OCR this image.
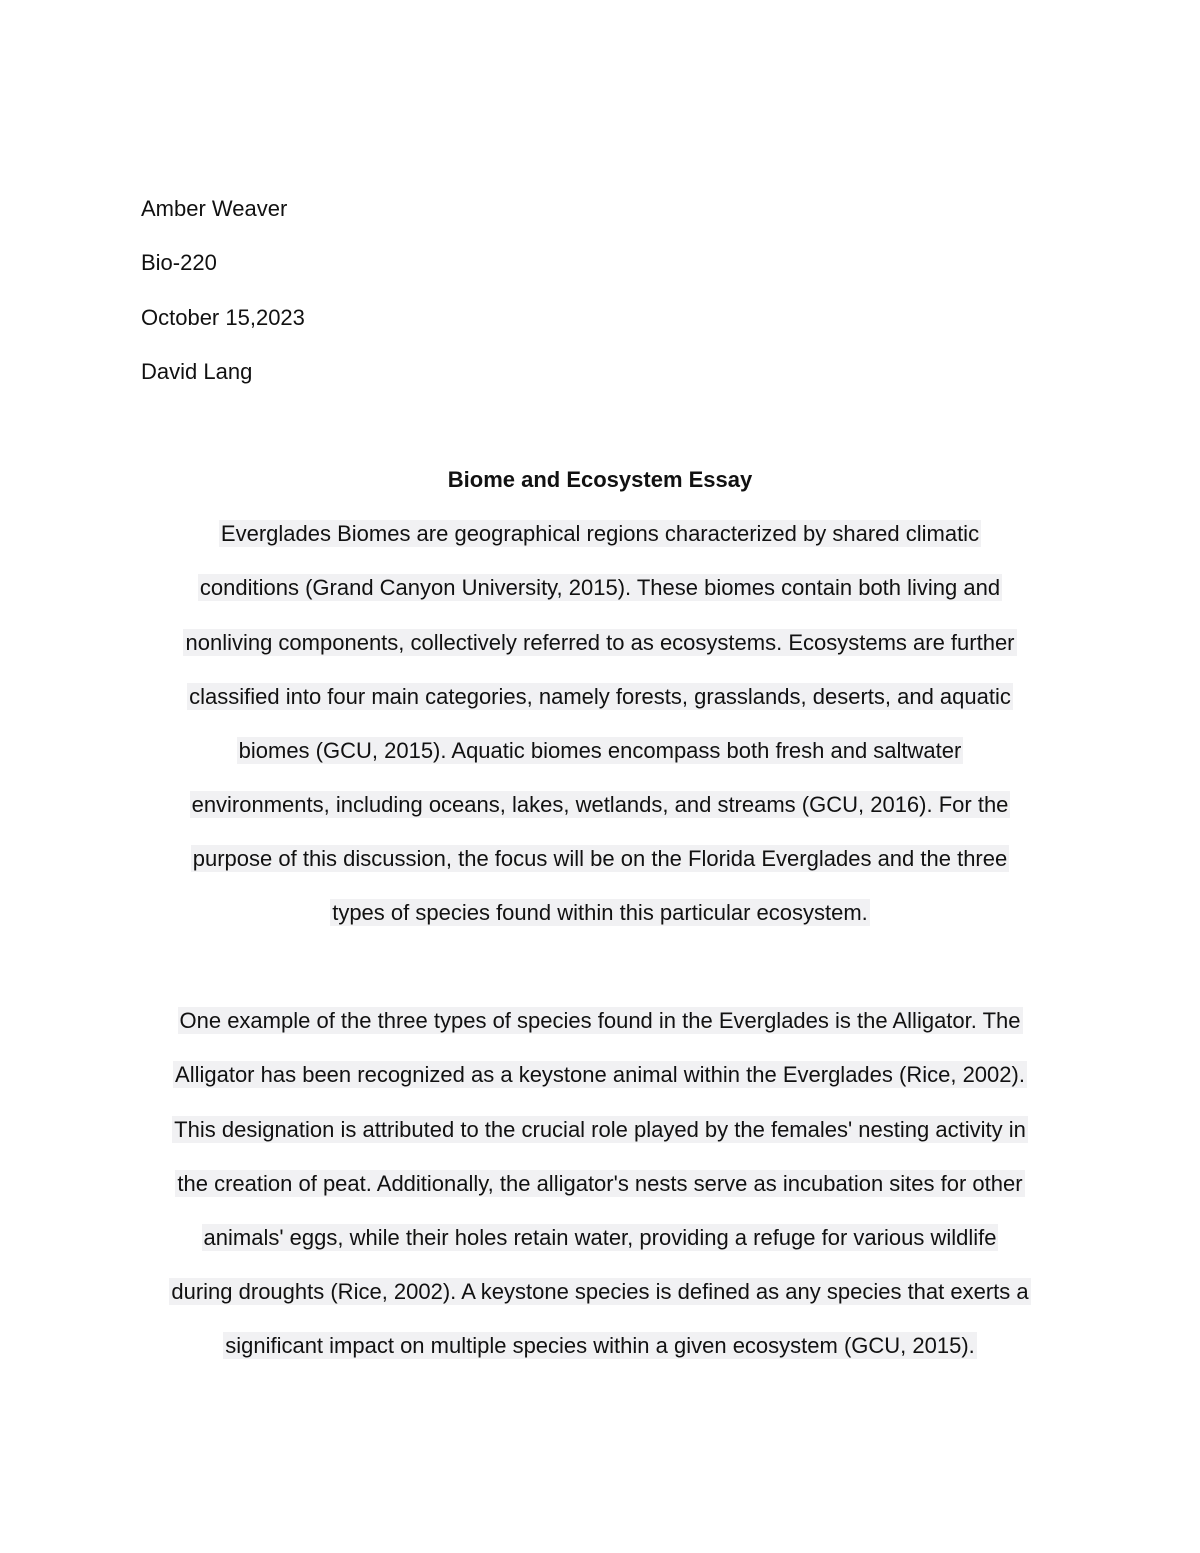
Amber Weaver
Bio-220
October 15,2023
David Lang
Biome and Ecosystem Essay
Everglades Biomes are geographical regions characterized by shared climatic
conditions (Grand Canyon University, 2015). These biomes contain both living and
nonliving components, collectively referred to as ecosystems. Ecosystems are further
classified into four main categories, namely forests, grasslands, deserts, and aquatic
biomes (GCU, 2015). Aquatic biomes encompass both fresh and saltwater
environments, including oceans, lakes, wetlands, and streams (GCU, 2016). For the
purpose of this discussion, the focus will be on the Florida Everglades and the three
types of species found within this particular ecosystem.
One example of the three types of species found in the Everglades is the Alligator. The
Alligator has been recognized as a keystone animal within the Everglades (Rice, 2002).
This designation is attributed to the crucial role played by the females' nesting activity in
the creation of peat. Additionally, the alligator's nests serve as incubation sites for other
animals' eggs, while their holes retain water, providing a refuge for various wildlife
during droughts (Rice, 2002). A keystone species is defined as any species that exerts a
significant impact on multiple species within a given ecosystem (GCU, 2015).
